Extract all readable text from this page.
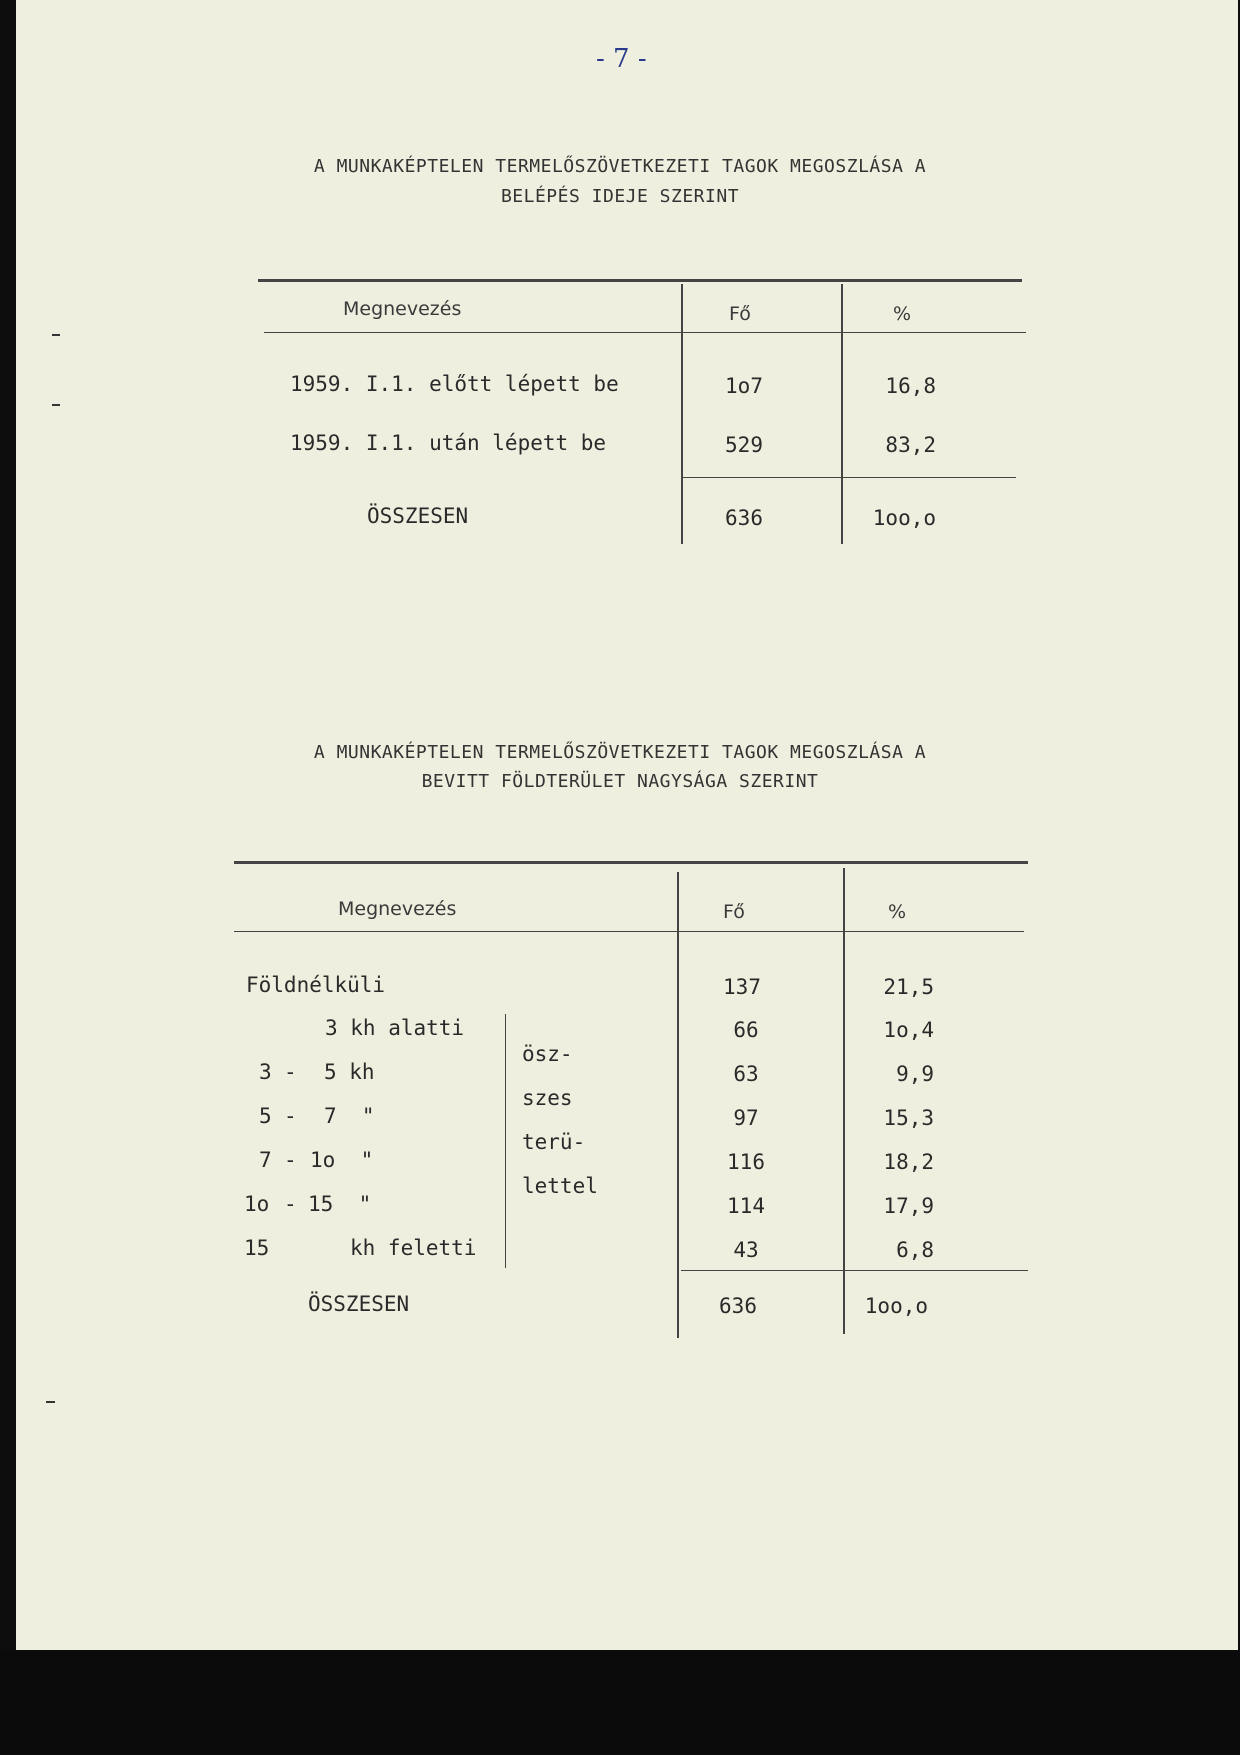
- 7 -
A MUNKAKÉPTELEN TERMELŐSZÖVETKEZETI TAGOK MEGOSZLÁSA A
BELÉPÉS IDEJE SZERINT
Megnevezés	Fő	%
1959. I.1. előtt lépett be	1o7	16,8
1959. I.1. után lépett be	529	83,2
ÖSSZESEN	636	1oo,o
A MUNKAKÉPTELEN TERMELŐSZÖVETKEZETI TAGOK MEGOSZLÁSA A
BEVITT FÖLDTERÜLET NAGYSÁGA SZERINT
Megnevezés	Fő	%
Földnélküli	137	21,5
ösz-
szes
terü-
lettel
3 kh alatti	66	1o,4
3 - 5 kh	63	9,9
5 - 7  "	97	15,3
7 - 1o  "	116	18,2
1o - 15  "	114	17,9
15	kh feletti	43	6,8
ÖSSZESEN	636	1oo,o
